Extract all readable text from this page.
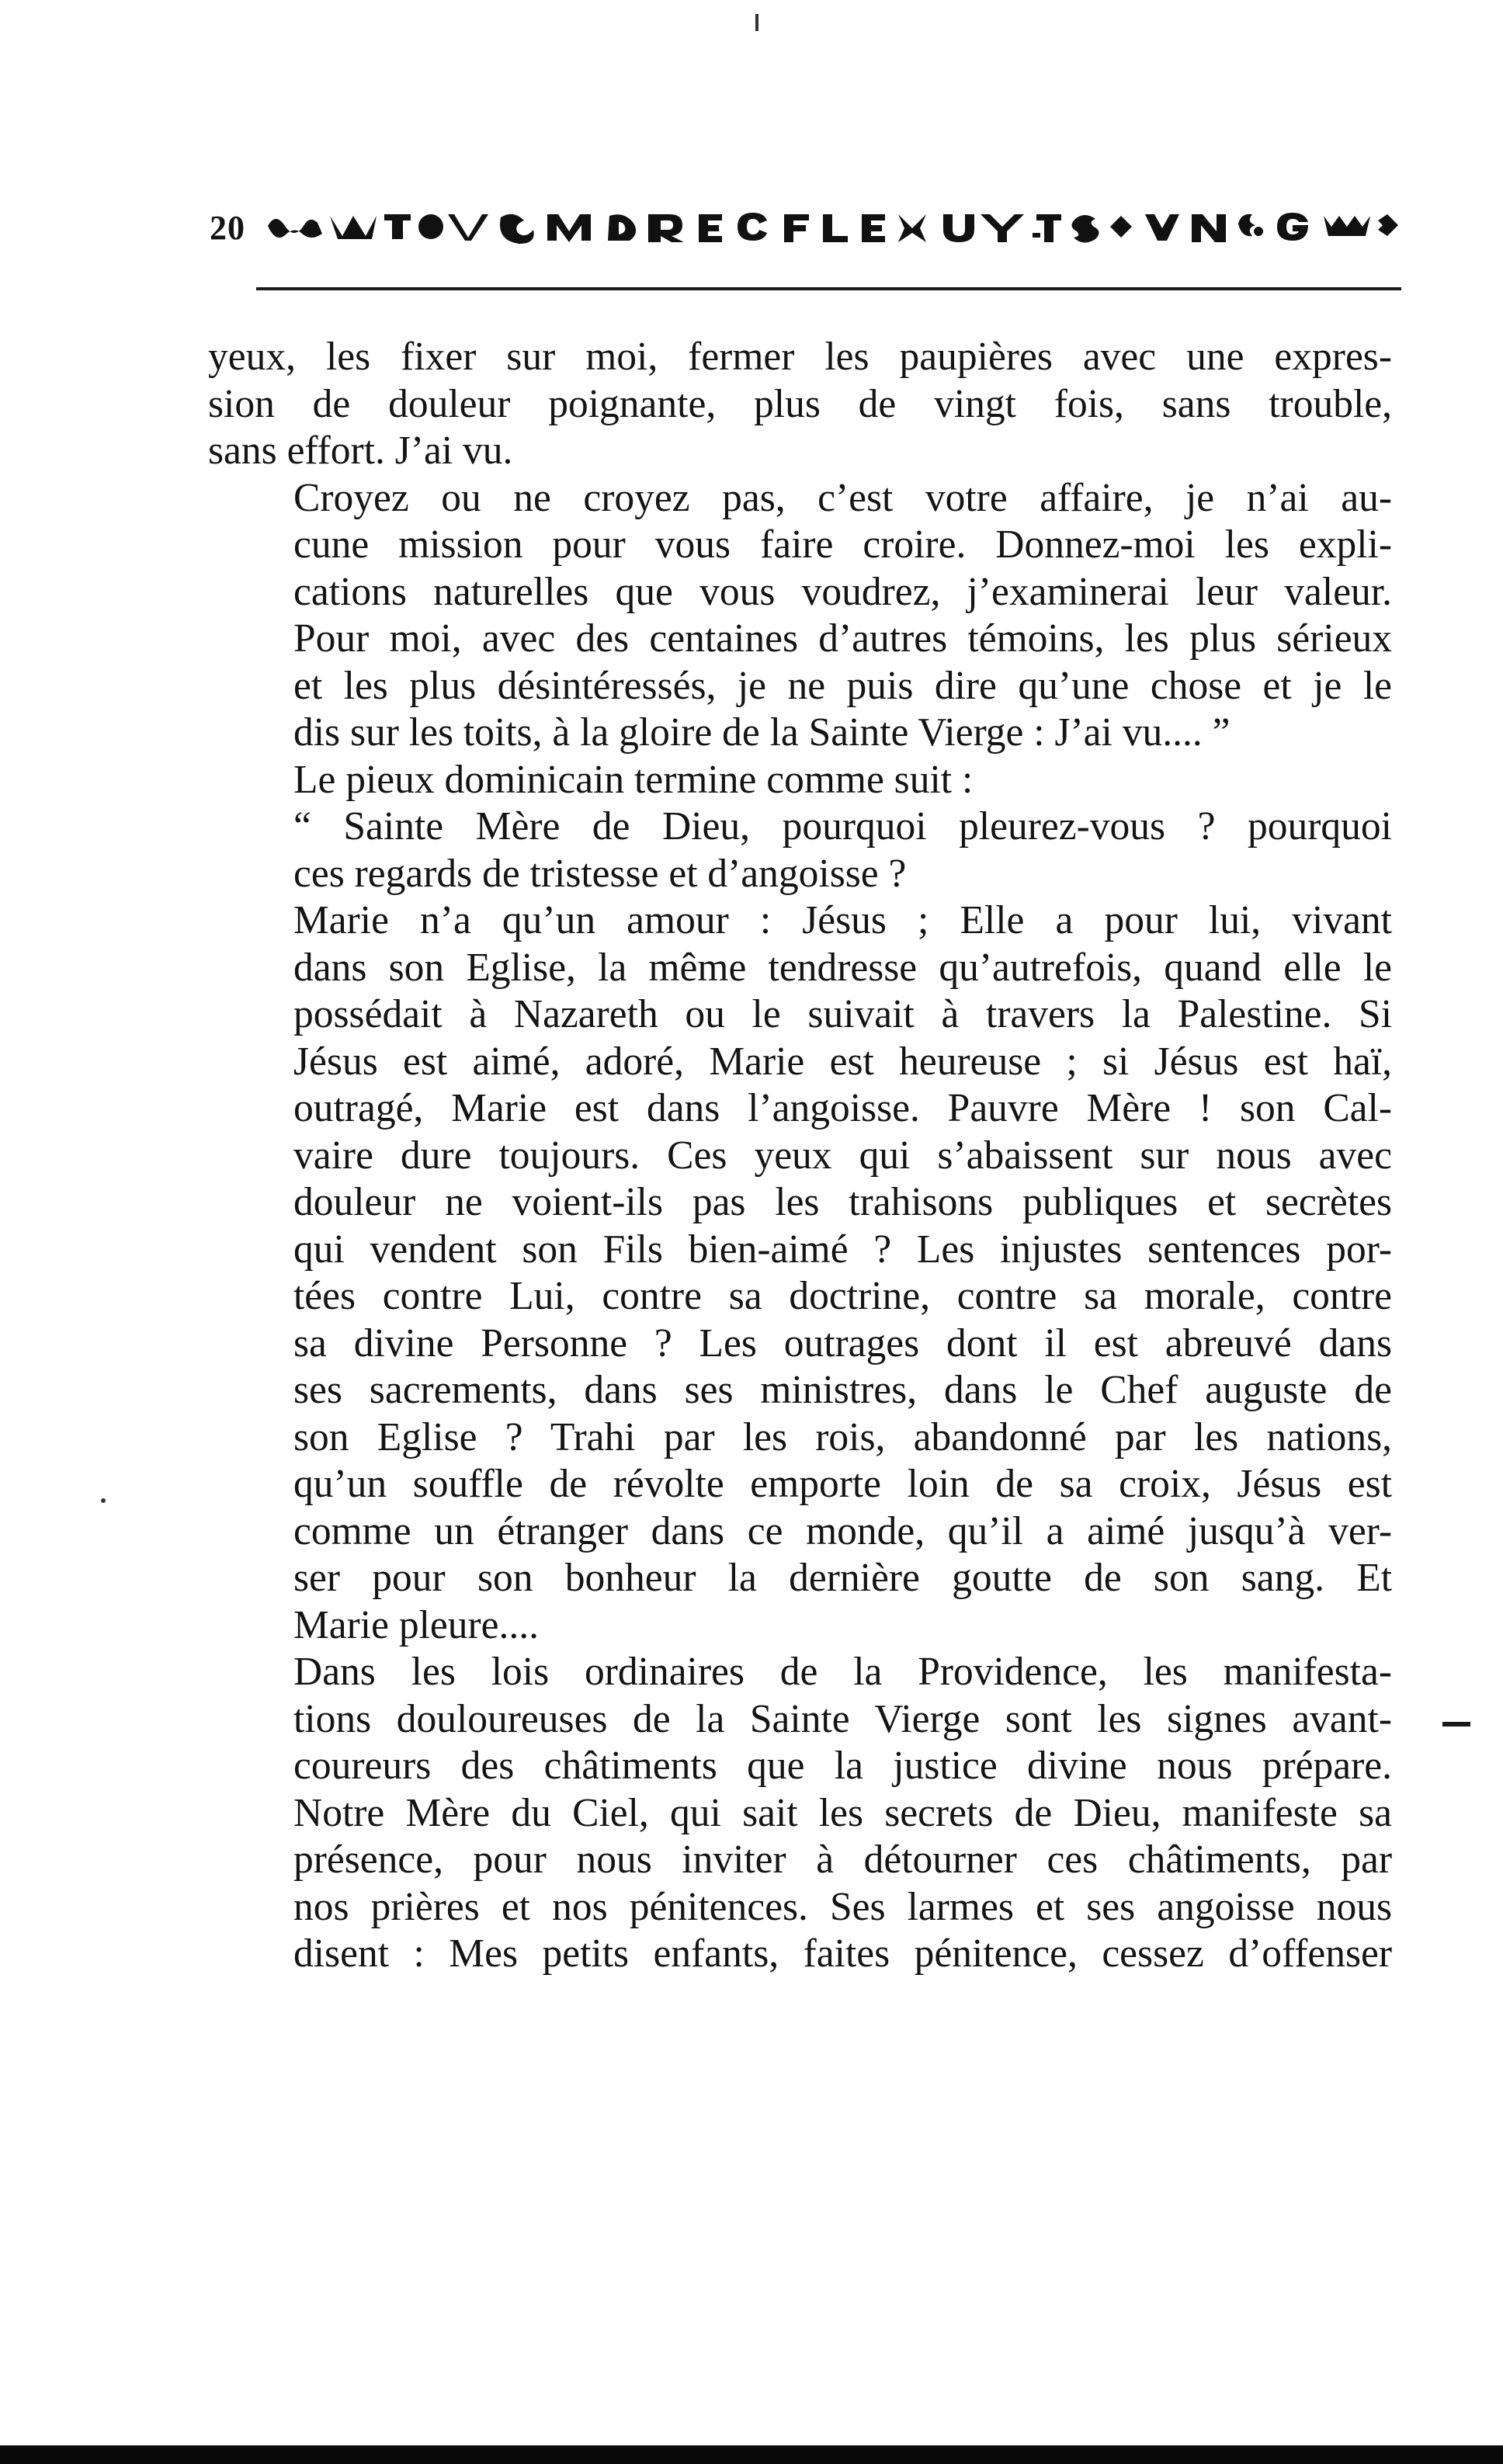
20
yeux, les fixer sur moi, fermer les paupières avec une expres-
sion de douleur poignante, plus de vingt fois, sans trouble,
sans effort. J’ai vu.
Croyez ou ne croyez pas, c’est votre affaire, je n’ai au-
cune mission pour vous faire croire. Donnez-moi les expli-
cations naturelles que vous voudrez, j’examinerai leur valeur.
Pour moi, avec des centaines d’autres témoins, les plus sérieux
et les plus désintéressés, je ne puis dire qu’une chose et je le
dis sur les toits, à la gloire de la Sainte Vierge : J’ai vu.... ”
Le pieux dominicain termine comme suit :
“ Sainte Mère de Dieu, pourquoi pleurez-vous ? pourquoi
ces regards de tristesse et d’angoisse ?
Marie n’a qu’un amour : Jésus ; Elle a pour lui, vivant
dans son Eglise, la même tendresse qu’autrefois, quand elle le
possédait à Nazareth ou le suivait à travers la Palestine. Si
Jésus est aimé, adoré, Marie est heureuse ; si Jésus est haï,
outragé, Marie est dans l’angoisse. Pauvre Mère ! son Cal-
vaire dure toujours. Ces yeux qui s’abaissent sur nous avec
douleur ne voient-ils pas les trahisons publiques et secrètes
qui vendent son Fils bien-aimé ? Les injustes sentences por-
tées contre Lui, contre sa doctrine, contre sa morale, contre
sa divine Personne ? Les outrages dont il est abreuvé dans
ses sacrements, dans ses ministres, dans le Chef auguste de
son Eglise ? Trahi par les rois, abandonné par les nations,
qu’un souffle de révolte emporte loin de sa croix, Jésus est
comme un étranger dans ce monde, qu’il a aimé jusqu’à ver-
ser pour son bonheur la dernière goutte de son sang. Et
Marie pleure....
Dans les lois ordinaires de la Providence, les manifesta-
tions douloureuses de la Sainte Vierge sont les signes avant-
coureurs des châtiments que la justice divine nous prépare.
Notre Mère du Ciel, qui sait les secrets de Dieu, manifeste sa
présence, pour nous inviter à détourner ces châtiments, par
nos prières et nos pénitences. Ses larmes et ses angoisse nous
disent : Mes petits enfants, faites pénitence, cessez d’offenser
